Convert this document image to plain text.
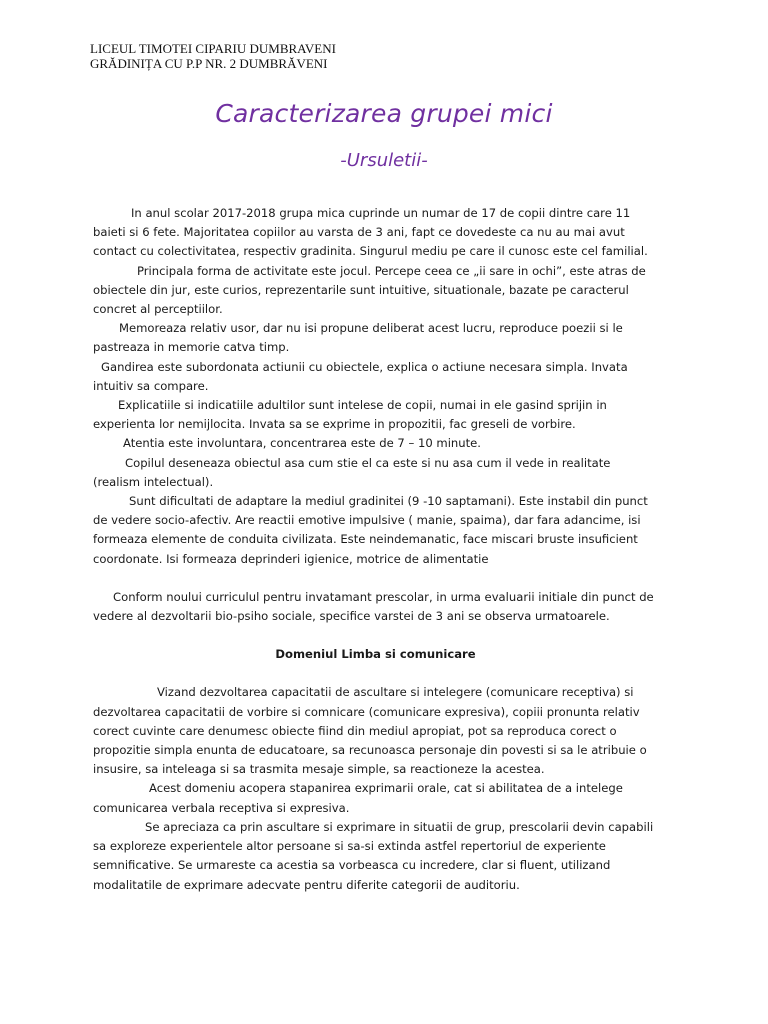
LICEUL TIMOTEI CIPARIU DUMBRAVENI
GRĂDINIȚA CU P.P NR. 2 DUMBRĂVENI
Caracterizarea grupei mici
-Ursuletii-

In anul scolar 2017-2018 grupa mica cuprinde un numar de 17 de copii dintre care 11 baieti si 6 fete. Majoritatea copiilor au varsta de 3 ani, fapt ce dovedeste ca nu au mai avut contact cu colectivitatea, respectiv gradinita. Singurul mediu pe care il cunosc este cel familial.

Principala forma de activitate este jocul. Percepe ceea ce „ii sare in ochi”, este atras de obiectele din jur, este curios, reprezentarile sunt intuitive, situationale, bazate pe caracterul concret al perceptiilor.

Memoreaza relativ usor, dar nu isi propune deliberat acest lucru, reproduce poezii si le pastreaza in memorie catva timp.

Gandirea este subordonata actiunii cu obiectele, explica o actiune necesara simpla. Invata intuitiv sa compare.

Explicatiile si indicatiile adultilor sunt intelese de copii, numai in ele gasind sprijin in experienta lor nemijlocita. Invata sa se exprime in propozitii, fac greseli de vorbire.

Atentia este involuntara, concentrarea este de 7 – 10 minute.

Copilul deseneaza obiectul asa cum stie el ca este si nu asa cum il vede in realitate (realism intelectual).

Sunt dificultati de adaptare la mediul gradinitei (9 -10 saptamani). Este instabil din punct de vedere socio-afectiv. Are reactii emotive impulsive ( manie, spaima), dar fara adancime, isi formeaza elemente de conduita civilizata. Este neindemanatic, face miscari bruste insuficient coordonate. Isi formeaza deprinderi igienice, motrice de alimentatie

Conform noului curriculul pentru invatamant prescolar, in urma evaluarii initiale din punct de vedere al dezvoltarii bio-psiho sociale, specifice varstei de 3 ani se observa urmatoarele.

Domeniul Limba si comunicare

Vizand dezvoltarea capacitatii de ascultare si intelegere (comunicare receptiva) si dezvoltarea capacitatii de vorbire si comnicare (comunicare expresiva), copiii pronunta relativ corect cuvinte care denumesc obiecte fiind din mediul apropiat, pot sa reproduca corect o propozitie simpla enunta de educatoare, sa recunoasca personaje din povesti si sa le atribuie o insusire, sa inteleaga si sa trasmita mesaje simple, sa reactioneze la acestea.

Acest domeniu acopera stapanirea exprimarii orale, cat si abilitatea de a intelege comunicarea verbala receptiva si expresiva.

Se apreciaza ca prin ascultare si exprimare in situatii de grup, prescolarii devin capabili sa exploreze experientele altor persoane si sa-si extinda astfel repertoriul de experiente semnificative. Se urmareste ca acestia sa vorbeasca cu incredere, clar si fluent, utilizand modalitatile de exprimare adecvate pentru diferite categorii de auditoriu.
